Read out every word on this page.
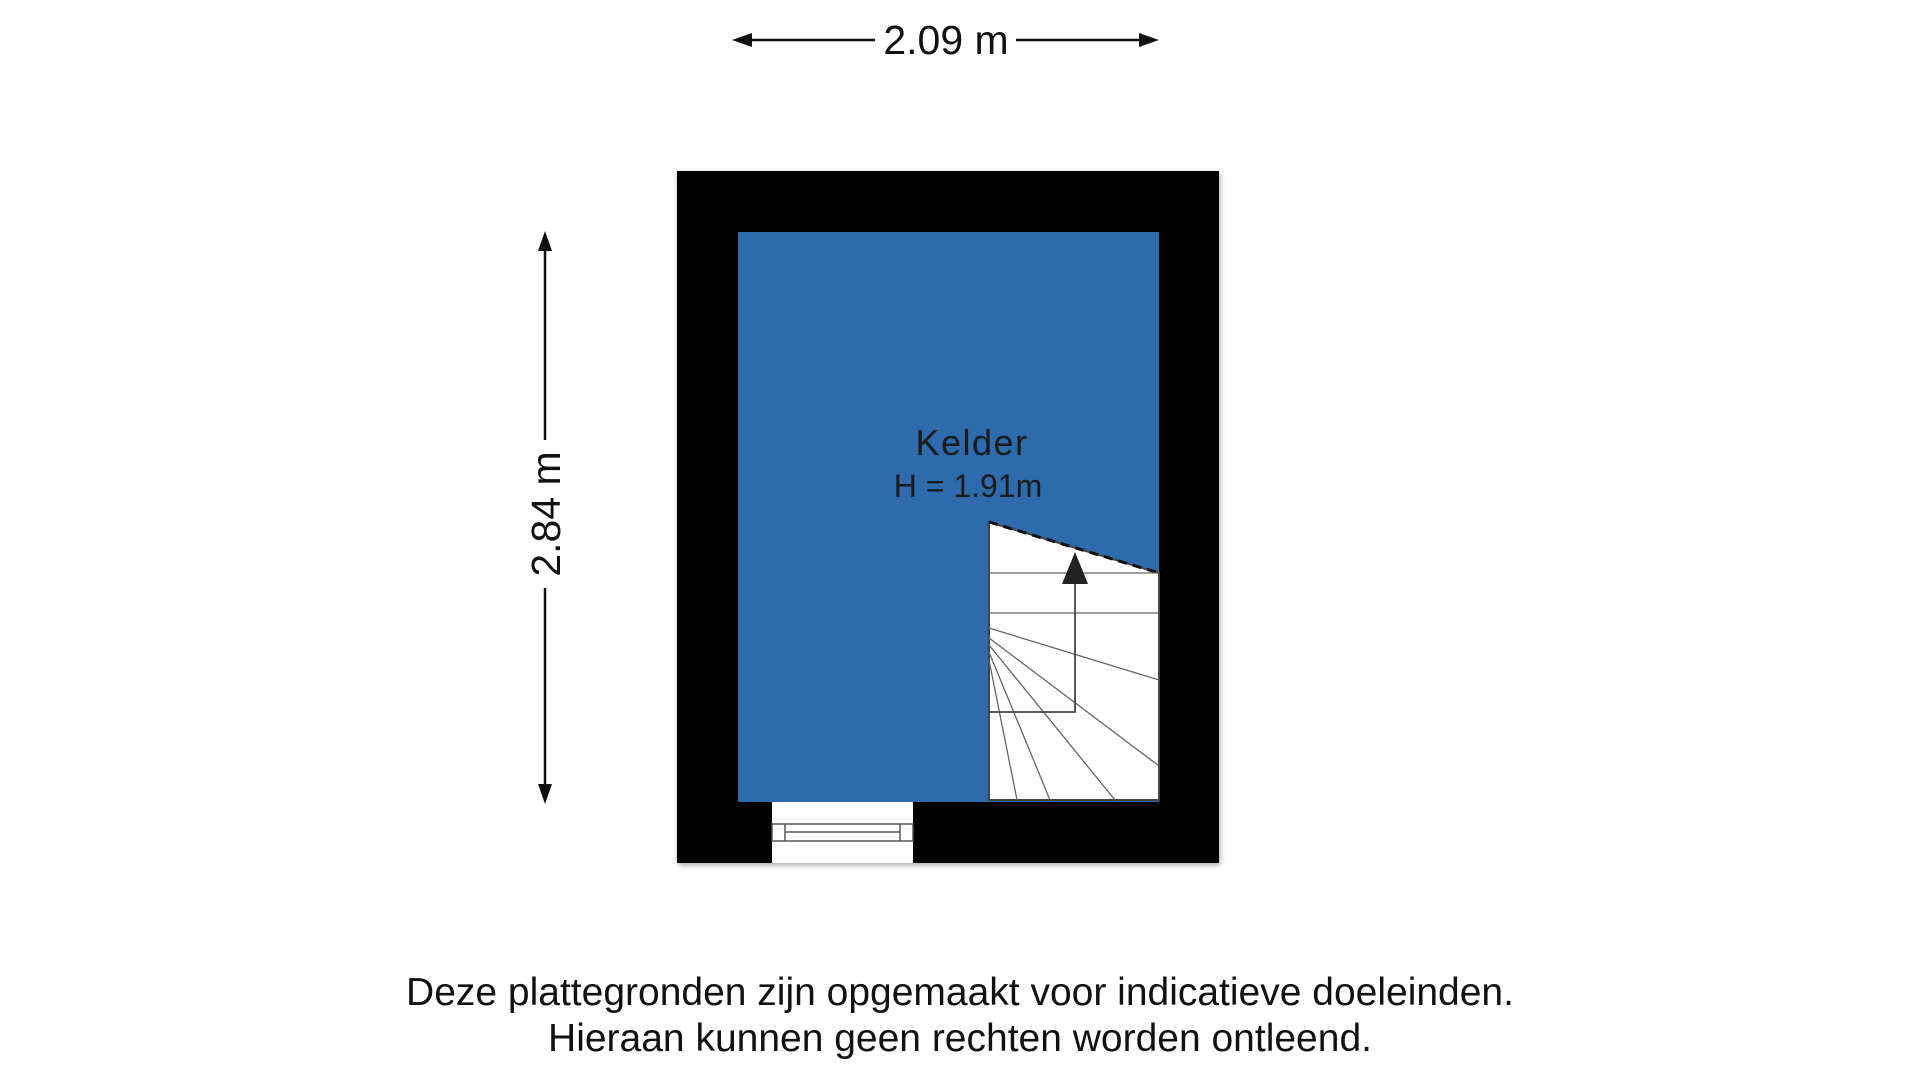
2.09 m
2.84 m
Kelder
H = 1.91m
Deze plattegronden zijn opgemaakt voor indicatieve doeleinden.
Hieraan kunnen geen rechten worden ontleend.
